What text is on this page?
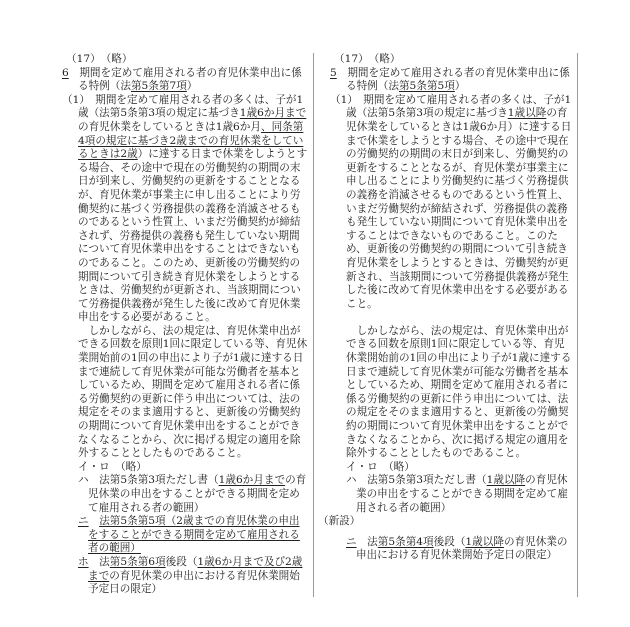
（17）　（略）
6　期間を定めて雇用される者の育児休業申出に係る特例（法第5条第7項）
（1）　期間を定めて雇用される者の多くは、子が1歳（法第5条第3項の規定に基づき1歳6か月までの育児休業をしているときは1歳6か月、同条第4項の規定に基づき2歳までの育児休業をしているときは2歳）に達する日まで休業をしようとする場合、その途中で現在の労働契約の期間の末日が到来し、労働契約の更新をすることとなるが、育児休業が事業主に申し出ることにより労働契約に基づく労務提供の義務を消滅させるものであるという性質上、いまだ労働契約が締結されず、労務提供の義務も発生していない期間について育児休業申出をすることはできないものであること。このため、更新後の労働契約の期間について引き続き育児休業をしようとするときは、労働契約が更新され、当該期間について労務提供義務が発生した後に改めて育児休業申出をする必要があること。
しかしながら、法の規定は、育児休業申出ができる回数を原則1回に限定している等、育児休業開始前の1回の申出により子が1歳に達する日まで連続して育児休業が可能な労働者を基本としているため、期間を定めて雇用される者に係る労働契約の更新に伴う申出については、法の規定をそのまま適用すると、更新後の労働契約の期間について育児休業申出をすることができなくなることから、次に掲げる規定の適用を除外することとしたものであること。
イ・ロ　（略）
ハ　法第5条第3項ただし書（1歳6か月までの育児休業の申出をすることができる期間を定めて雇用される者の範囲）
ニ　 法第5条第5項（2歳までの育児休業の申出をすることができる期間を定めて雇用される者の範囲）
ホ　法第5条第6項後段（1歳6か月まで及び2歳までの育児休業の申出における育児休業開始予定日の限定）
（17）　（略）
5　期間を定めて雇用される者の育児休業申出に係る特例（法第5条第5項）
（1）　期間を定めて雇用される者の多くは、子が1歳（法第5条第3項の規定に基づき1歳以降の育児休業をしているときは1歳6か月）に達する日まで休業をしようとする場合、その途中で現在の労働契約の期間の末日が到来し、労働契約の更新をすることとなるが、育児休業が事業主に申し出ることにより労働契約に基づく労務提供の義務を消滅させるものであるという性質上、いまだ労働契約が締結されず、労務提供の義務も発生していない期間について育児休業申出をすることはできないものであること。このため、更新後の労働契約の期間について引き続き育児休業をしようとするときは、労働契約が更新され、当該期間について労務提供義務が発生した後に改めて育児休業申出をする必要があること。
しかしながら、法の規定は、育児休業申出ができる回数を原則1回に限定している等、育児休業開始前の1回の申出により子が1歳に達する日まで連続して育児休業が可能な労働者を基本としているため、期間を定めて雇用される者に係る労働契約の更新に伴う申出については、法の規定をそのまま適用すると、更新後の労働契約の期間について育児休業申出をすることができなくなることから、次に掲げる規定の適用を除外することとしたものであること。
イ・ロ　（略）
ハ　法第5条第3項ただし書（1歳以降の育児休業の申出をすることができる期間を定めて雇用される者の範囲）
（新設）
ニ　法第5条第4項後段（1歳以降の育児休業の申出における育児休業開始予定日の限定）
